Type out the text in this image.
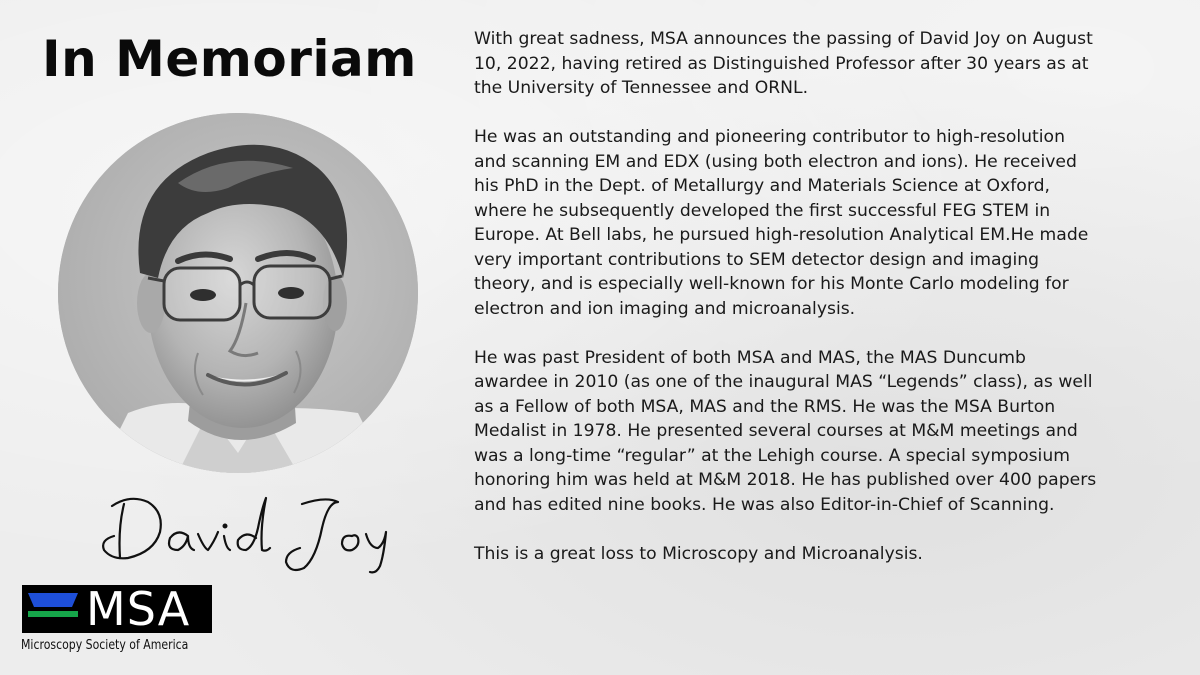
In Memoriam
MSA
Microscopy Society of America

With great sadness, MSA announces the passing of David Joy on August
10, 2022, having retired as Distinguished Professor after 30 years as at
the University of Tennessee and ORNL.

He was an outstanding and pioneering contributor to high-resolution
and scanning EM and EDX (using both electron and ions). He received
his PhD in the Dept. of Metallurgy and Materials Science at Oxford,
where he subsequently developed the first successful FEG STEM in
Europe. At Bell labs, he pursued high-resolution Analytical EM.He made
very important contributions to SEM detector design and imaging
theory, and is especially well-known for his Monte Carlo modeling for
electron and ion imaging and microanalysis.

He was past President of both MSA and MAS, the MAS Duncumb
awardee in 2010 (as one of the inaugural MAS “Legends” class), as well
as a Fellow of both MSA, MAS and the RMS. He was the MSA Burton
Medalist in 1978. He presented several courses at M&M meetings and
was a long-time “regular” at the Lehigh course. A special symposium
honoring him was held at M&M 2018. He has published over 400 papers
and has edited nine books. He was also Editor-in-Chief of Scanning.

This is a great loss to Microscopy and Microanalysis.
